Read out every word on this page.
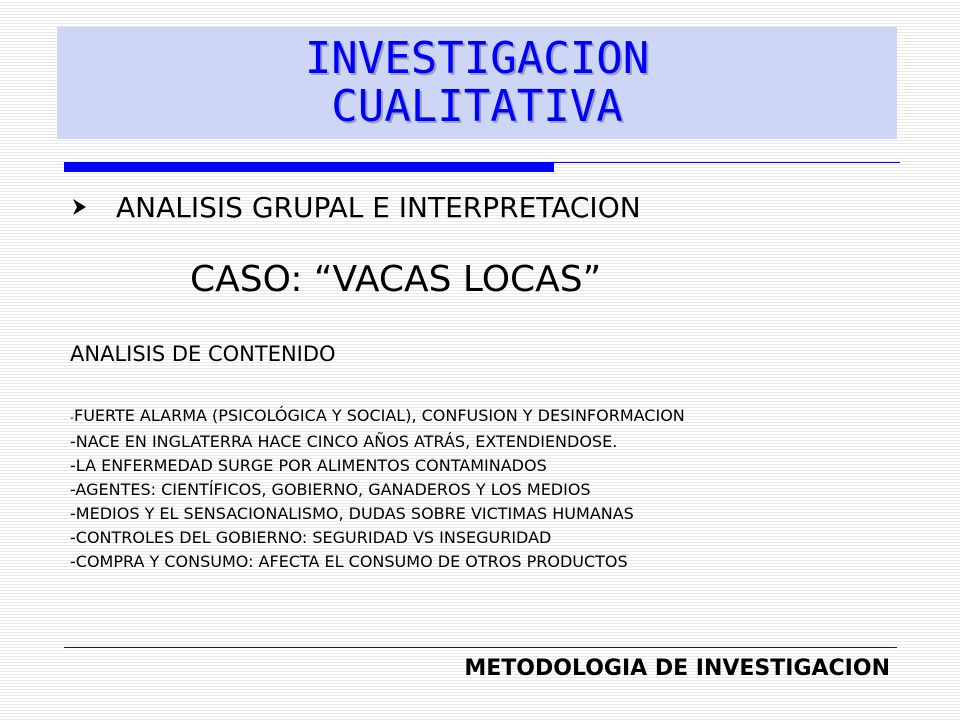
INVESTIGACION
CUALITATIVA
ANALISIS GRUPAL E INTERPRETACION
CASO: “VACAS LOCAS”
ANALISIS DE CONTENIDO
-FUERTE ALARMA (PSICOLÓGICA Y SOCIAL), CONFUSION Y DESINFORMACION
-NACE EN INGLATERRA HACE CINCO AÑOS ATRÁS, EXTENDIENDOSE.
-LA ENFERMEDAD SURGE POR ALIMENTOS CONTAMINADOS
-AGENTES: CIENTÍFICOS, GOBIERNO, GANADEROS Y LOS MEDIOS
-MEDIOS Y EL SENSACIONALISMO, DUDAS SOBRE VICTIMAS HUMANAS
-CONTROLES DEL GOBIERNO: SEGURIDAD VS INSEGURIDAD
-COMPRA Y CONSUMO: AFECTA EL CONSUMO DE OTROS PRODUCTOS
METODOLOGIA DE INVESTIGACION
